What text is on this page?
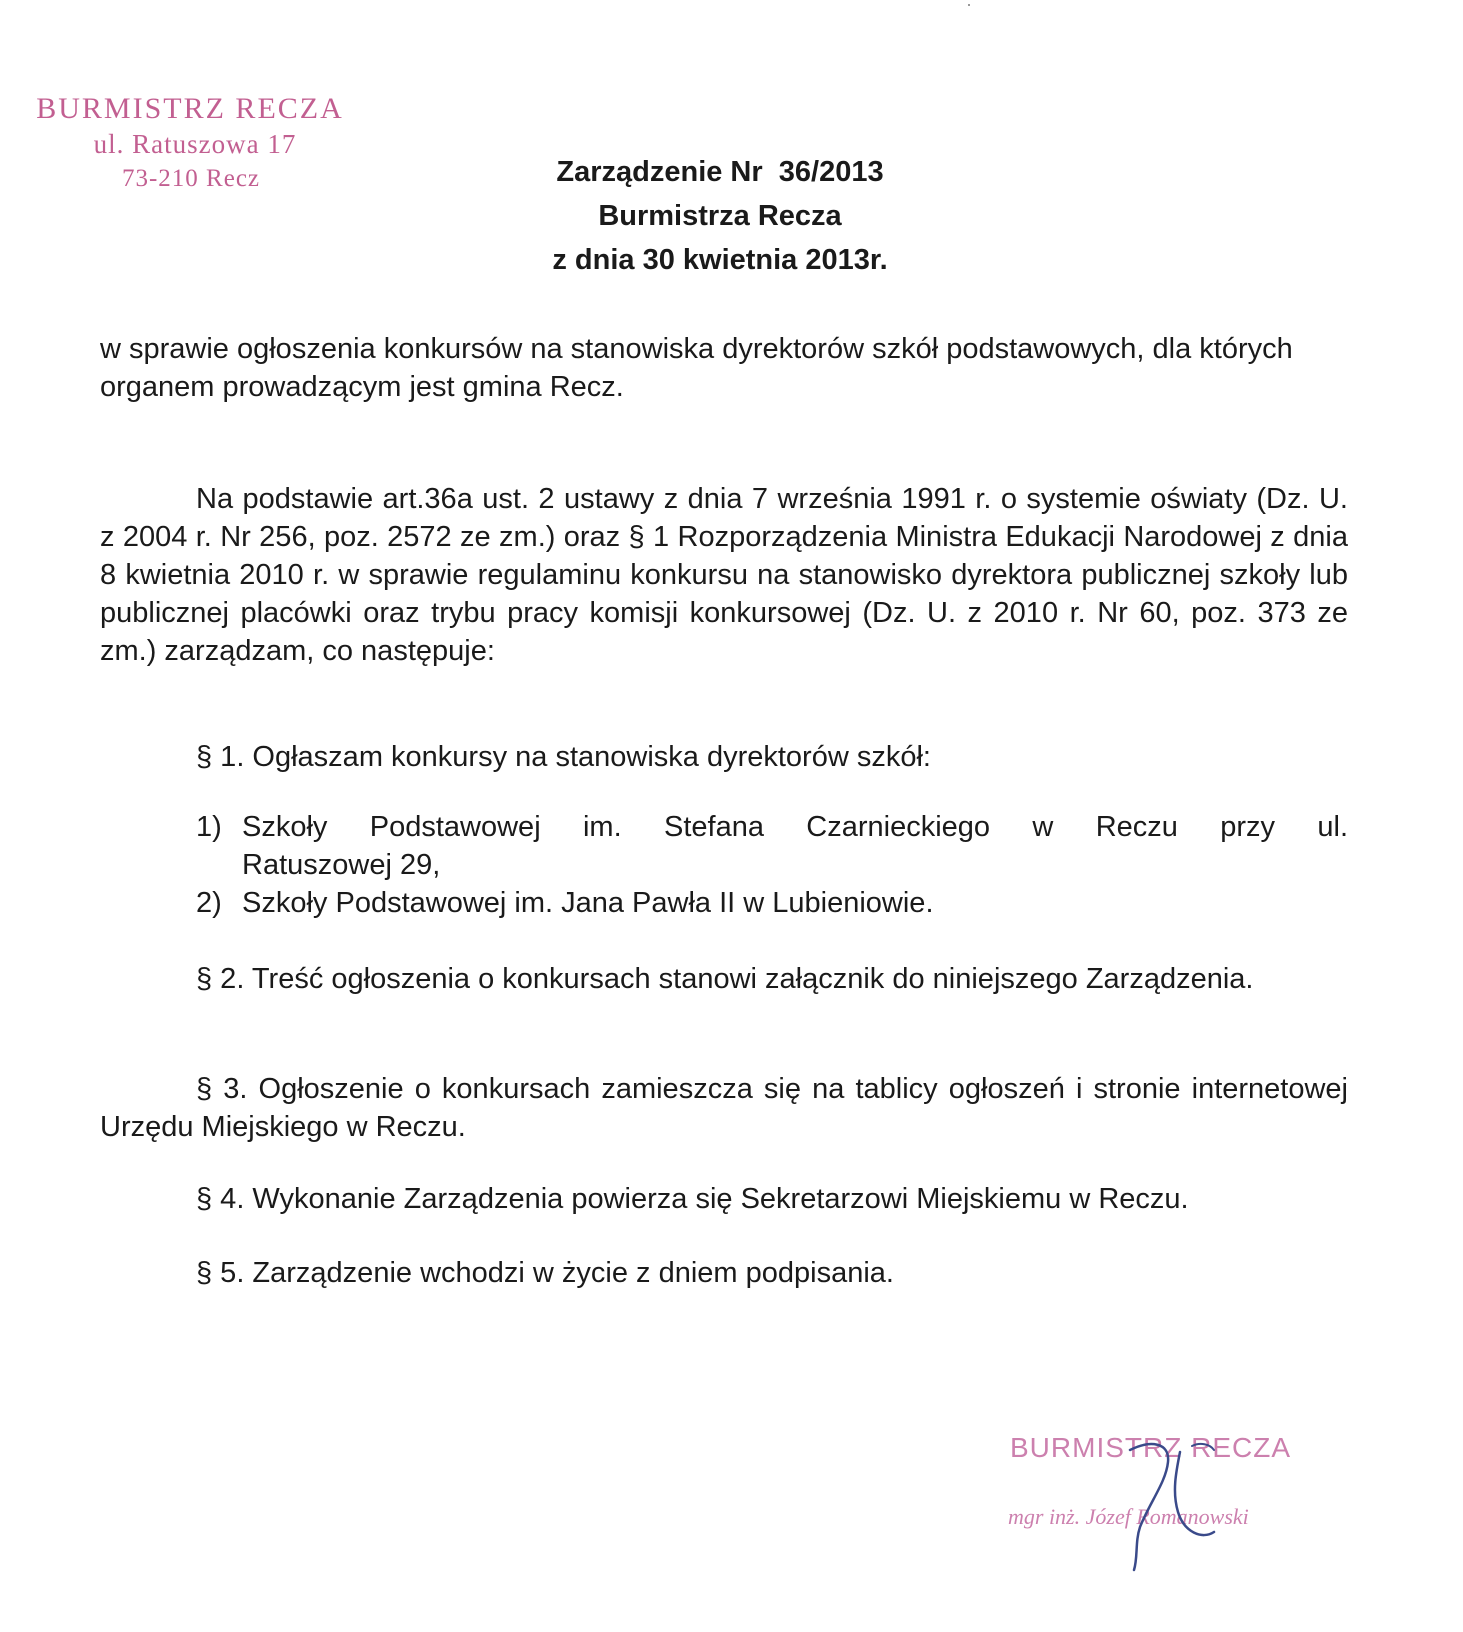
BURMISTRZ RECZA
ul. Ratuszowa 17
73-210 Recz	Zarządzenie Nr  36/2013
Burmistrza Recza
z dnia 30 kwietnia 2013r.
w sprawie ogłoszenia konkursów na stanowiska dyrektorów szkół podstawowych, dla których organem prowadzącym jest gmina Recz.
Na podstawie art.36a ust. 2 ustawy z dnia 7 września 1991 r. o systemie oświaty (Dz. U. z 2004 r. Nr 256, poz. 2572 ze zm.) oraz § 1 Rozporządzenia Ministra Edukacji Narodowej z dnia 8 kwietnia 2010 r. w sprawie regulaminu konkursu na stanowisko dyrektora publicznej szkoły lub publicznej placówki oraz trybu pracy komisji konkursowej (Dz. U. z 2010 r. Nr 60, poz. 373 ze zm.) zarządzam, co następuje:
§ 1. Ogłaszam konkursy na stanowiska dyrektorów szkół:
1) Szkoły Podstawowej im. Stefana Czarnieckiego w Reczu przy ul.
Ratuszowej 29,
2) Szkoły Podstawowej im. Jana Pawła II w Lubieniowie.
§ 2. Treść ogłoszenia o konkursach stanowi załącznik do niniejszego Zarządzenia.
§ 3. Ogłoszenie o konkursach zamieszcza się na tablicy ogłoszeń i stronie internetowej Urzędu Miejskiego w Reczu.
§ 4. Wykonanie Zarządzenia powierza się Sekretarzowi Miejskiemu w Reczu.
§ 5. Zarządzenie wchodzi w życie z dniem podpisania.
BURMISTRZ RECZA
mgr inż. Józef Romanowski
